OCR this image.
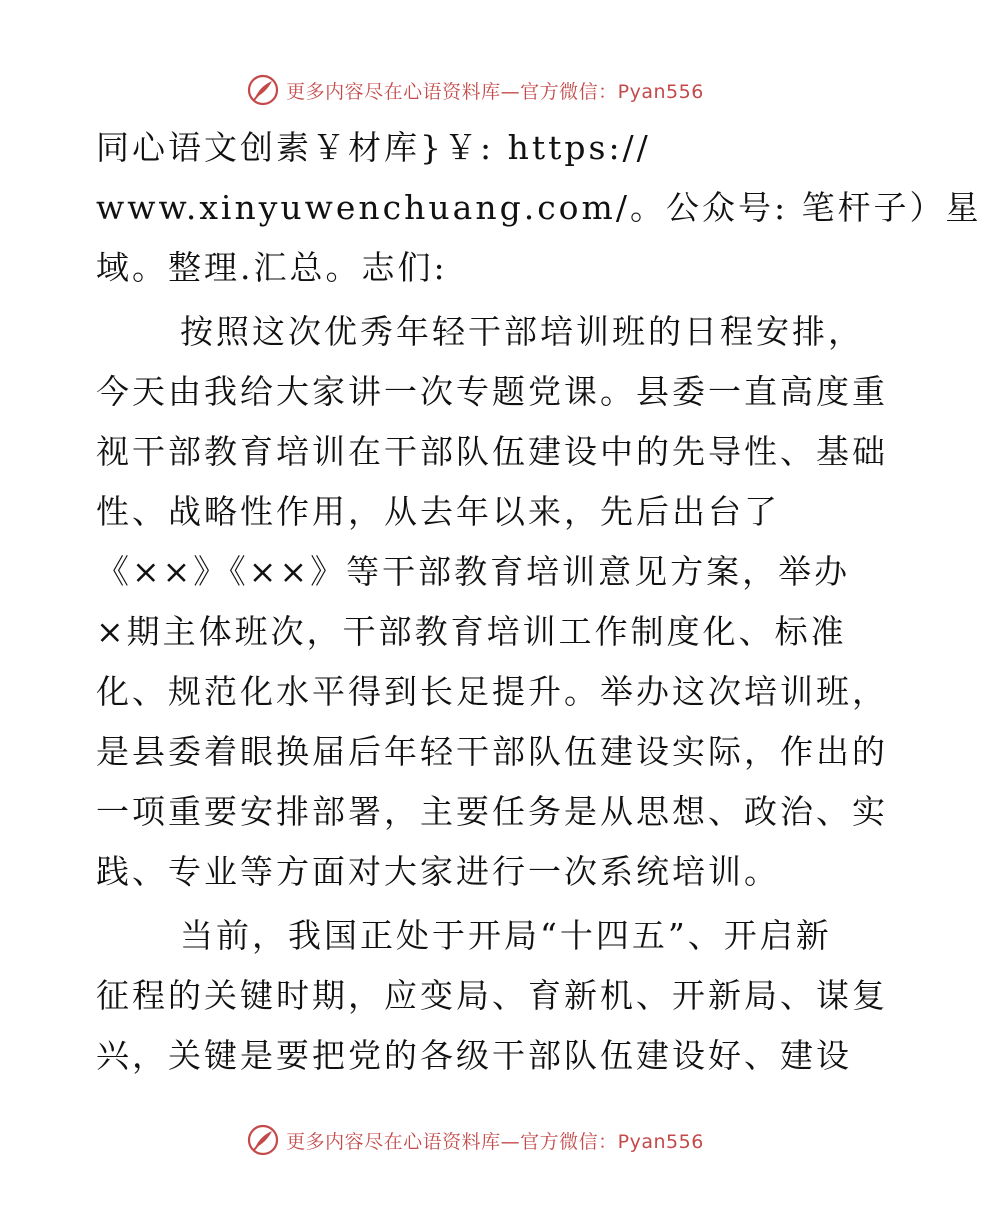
更多内容尽在心语资料库—官方微信：Pyan556
同心语文创素￥材库}￥: https://
www.xinyuwenchuang.com/。公众号: 笔杆子）星
域。整理.汇总。志们:
按照这次优秀年轻干部培训班的日程安排，
今天由我给大家讲一次专题党课。县委一直高度重
视干部教育培训在干部队伍建设中的先导性、基础
性、战略性作用，从去年以来，先后出台了
《××》《××》等干部教育培训意见方案，举办
×期主体班次，干部教育培训工作制度化、标准
化、规范化水平得到长足提升。举办这次培训班，
是县委着眼换届后年轻干部队伍建设实际，作出的
一项重要安排部署，主要任务是从思想、政治、实
践、专业等方面对大家进行一次系统培训。
当前，我国正处于开局“十四五”、开启新
征程的关键时期，应变局、育新机、开新局、谋复
兴，关键是要把党的各级干部队伍建设好、建设
更多内容尽在心语资料库—官方微信：Pyan556
